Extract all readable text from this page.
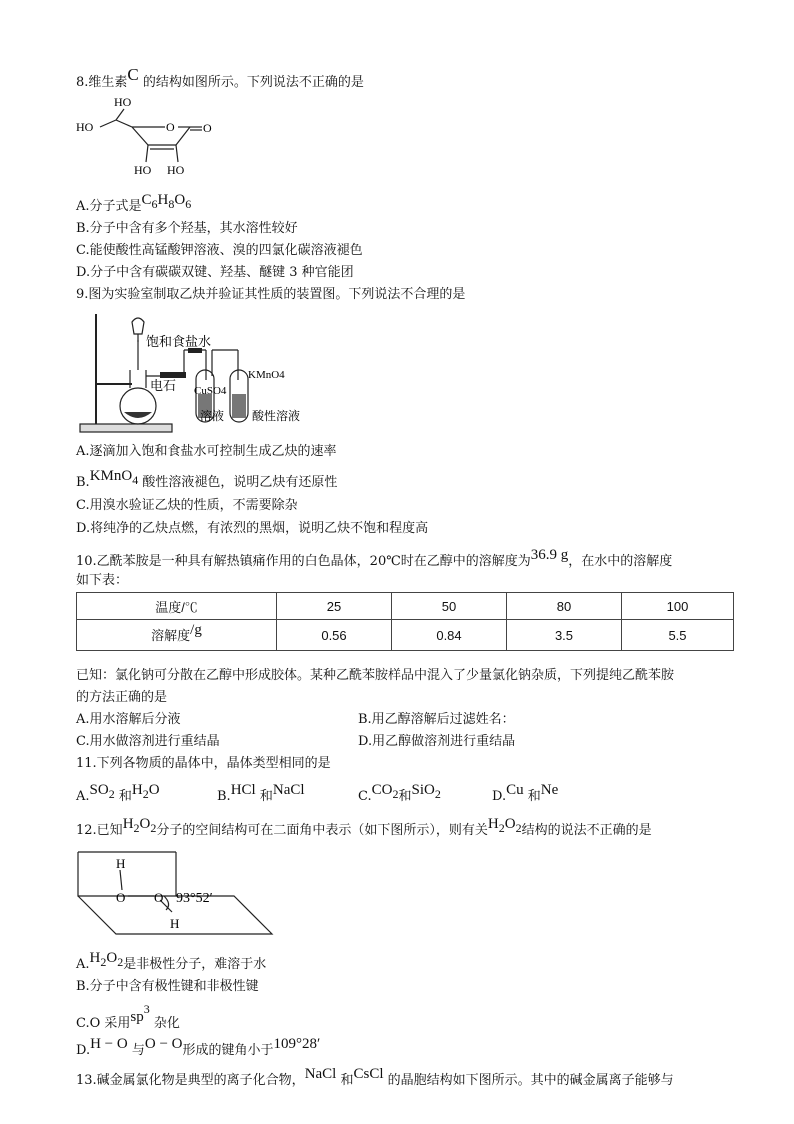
8.维生素C 的结构如图所示。下列说法不正确的是
HO
HO	O O
HO HO
A.分子式是$C_6H_8O_6$
B.分子中含有多个羟基，其水溶性较好
C.能使酸性高锰酸钾溶液、溴的四氯化碳溶液褪色
D.分子中含有碳碳双键、羟基、醚键 3 种官能团
9.图为实验室制取乙炔并验证其性质的装置图。下列说法不合理的是
饱和食盐水
电石 CuSO4
KMnO4
溶液 酸性溶液
A.逐滴加入饱和食盐水可控制生成乙炔的速率
B.KMnO$_4$ 酸性溶液褪色，说明乙炔有还原性
C.用溴水验证乙炔的性质，不需要除杂
D.将纯净的乙炔点燃，有浓烈的黑烟，说明乙炔不饱和程度高
10.乙酰苯胺是一种具有解热镇痛作用的白色晶体，20℃时在乙醇中的溶解度为36.9 g，在水中的溶解度
如下表：
温度/℃	25	50	80	100
溶解度/g	0.56	0.84	3.5	5.5
已知：氯化钠可分散在乙醇中形成胶体。某种乙酰苯胺样品中混入了少量氯化钠杂质，下列提纯乙酰苯胺
的方法正确的是
A.用水溶解后分液	B.用乙醇溶解后过滤姓名：
C.用水做溶剂进行重结晶	D.用乙醇做溶剂进行重结晶
11.下列各物质的晶体中，晶体类型相同的是
$A.SO_2$ 和$H_2O$	B.HCl 和NaCl	$C.CO_2$和SiO$_2$	D.Cu 和Ne
12.已知$H_2O_2$分子的空间结构可在二面角中表示（如下图所示），则有关$H_2O_2$结构的说法不正确的是
H
O O 93°52′
H
$A.H_2O_2$是非极性分子，难溶于水
B.分子中含有极性键和非极性键
C.O 采用$sp^3$ 杂化
D.H − O 与O − O形成的键角小于109°28′
13.碱金属氯化物是典型的离子化合物，NaCl 和CsCl 的晶胞结构如下图所示。其中的碱金属离子能够与
